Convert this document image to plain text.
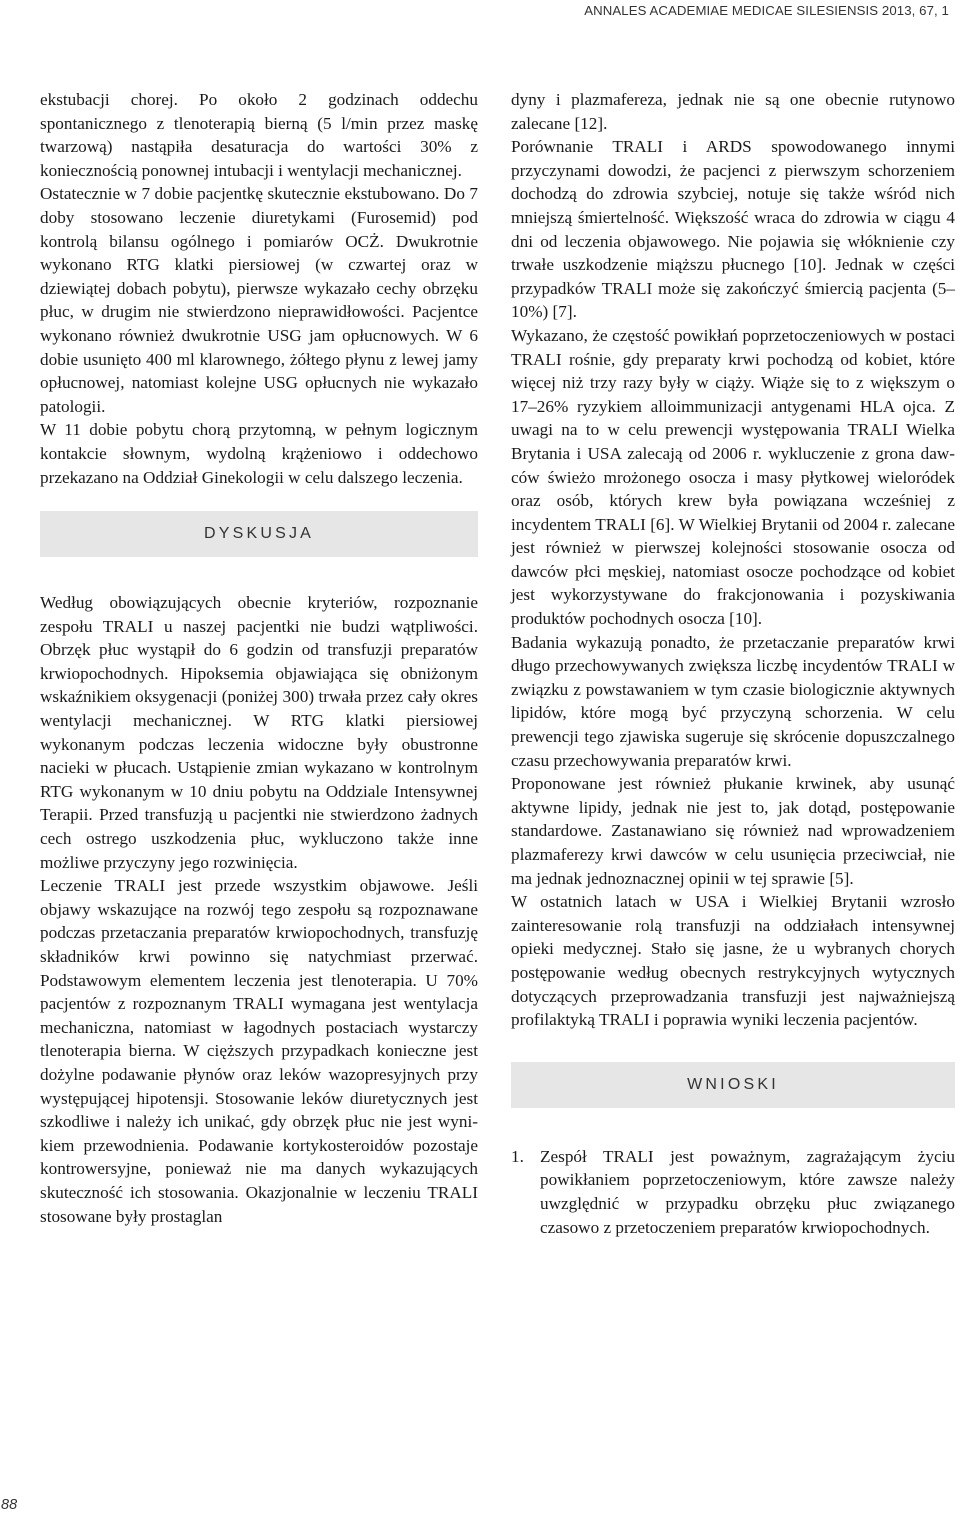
ANNALES ACADEMIAE MEDICAE SILESIENSIS 2013, 67, 1

ekstubacji chorej. Po około 2 godzinach oddechu spontanicznego z tlenoterapią bierną (5 l/min przez maskę twarzową) nastąpiła desaturacja do wartości 30% z koniecznością ponownej intubacji i wentylacji mechanicznej.

Ostatecznie w 7 dobie pacjentkę skutecznie ekstubowano. Do 7 doby stosowano leczenie diuretykami (Furosemid) pod kontrolą bilansu ogólnego i pomiarów OCŻ. Dwukrotnie wykonano RTG klatki piersiowej (w czwartej oraz w dziewiątej dobach pobytu), pierwsze wykazało cechy obrzęku płuc, w drugim nie stwierdzono nieprawidłowości. Pacjentce wykonano również dwukrotnie USG jam opłucnowych. W 6 dobie usunięto 400 ml klarownego, żółtego płynu z lewej jamy opłucnowej, natomiast kolejne USG opłucnych nie wykazało patologii.

W 11 dobie pobytu chorą przytomną, w pełnym logicznym kontakcie słownym, wydolną krążeniowo i oddechowo przekazano na Oddział Ginekologii w celu dalszego leczenia.

DYSKUSJA

Według obowiązujących obecnie kryteriów, rozpoznanie zespołu TRALI u naszej pacjentki nie budzi wątpliwości. Obrzęk płuc wystąpił do 6 godzin od transfuzji preparatów krwiopochodnych. Hipoksemia objawiająca się obniżonym wskaźnikiem oksygenacji (poniżej 300) trwała przez cały okres wentylacji mechanicznej. W RTG klatki piersiowej wykonanym podczas leczenia widoczne były obustronne nacieki w płucach. Ustąpienie zmian wykazano w kontrolnym RTG wykonanym w 10 dniu pobytu na Oddziale Intensywnej Terapii. Przed transfuzją u pacjentki nie stwierdzono żadnych cech ostrego uszkodzenia płuc, wykluczono także inne możliwe przyczyny jego rozwinięcia.

Leczenie TRALI jest przede wszystkim objawowe. Jeśli objawy wskazujące na rozwój tego zespołu są rozpoznawane podczas przetaczania preparatów krwiopochodnych, transfuzję składników krwi powinno się natychmiast przerwać. Podstawowym elementem leczenia jest tlenoterapia. U 70% pacjentów z rozpoznanym TRALI wymagana jest wentylacja mechaniczna, natomiast w łagodnych postaciach wystarczy tlenoterapia bierna. W cięższych przypadkach konieczne jest dożylne podawanie płynów oraz leków wazopresyjnych przy występującej hipotensji. Stosowanie leków diuretycznych jest szkodliwe i należy ich unikać, gdy obrzęk płuc nie jest wynikiem przewodnienia. Podawanie kortykosteroidów pozostaje kontrowersyjne, ponieważ nie ma danych wykazujących skuteczność ich stosowania. Okazjonalnie w leczeniu TRALI stosowane były prostaglan

dyny i plazmafereza, jednak nie są one obecnie rutynowo zalecane [12].

Porównanie TRALI i ARDS spowodowanego innymi przyczynami dowodzi, że pacjenci z pierwszym schorzeniem dochodzą do zdrowia szybciej, notuje się także wśród nich mniejszą śmiertelność. Większość wraca do zdrowia w ciągu 4 dni od leczenia objawowego. Nie pojawia się włóknienie czy trwałe uszkodzenie miąższu płucnego [10]. Jednak w części przypadków TRALI może się zakończyć śmiercią pacjenta (5–10%) [7].

Wykazano, że częstość powikłań poprzetoczeniowych w postaci TRALI rośnie, gdy preparaty krwi pochodzą od kobiet, które więcej niż trzy razy były w ciąży. Wiąże się to z większym o 17–26% ryzykiem alloimmunizacji antygenami HLA ojca. Z uwagi na to w celu prewencji występowania TRALI Wielka Brytania i USA zalecają od 2006 r. wykluczenie z grona dawców świeżo mrożonego osocza i masy płytkowej wieloródek oraz osób, których krew była powiązana wcześniej z incydentem TRALI [6]. W Wielkiej Brytanii od 2004 r. zalecane jest również w pierwszej kolejności stosowanie osocza od dawców płci męskiej, natomiast osocze pochodzące od kobiet jest wykorzystywane do frakcjonowania i pozyskiwania produktów pochodnych osocza [10].

Badania wykazują ponadto, że przetaczanie preparatów krwi długo przechowywanych zwiększa liczbę incydentów TRALI w związku z powstawaniem w tym czasie biologicznie aktywnych lipidów, które mogą być przyczyną schorzenia. W celu prewencji tego zjawiska sugeruje się skrócenie dopuszczalnego czasu przechowywania preparatów krwi.

Proponowane jest również płukanie krwinek, aby usunąć aktywne lipidy, jednak nie jest to, jak dotąd, postępowanie standardowe. Zastanawiano się również nad wprowadzeniem plazmaferezy krwi dawców w celu usunięcia przeciwciał, nie ma jednak jednoznacznej opinii w tej sprawie [5].

W ostatnich latach w USA i Wielkiej Brytanii wzrosło zainteresowanie rolą transfuzji na oddziałach intensywnej opieki medycznej. Stało się jasne, że u wybranych chorych postępowanie według obecnych restrykcyjnych wytycznych dotyczących przeprowadzania transfuzji jest najważniejszą profilaktyką TRALI i poprawia wyniki leczenia pacjentów.

WNIOSKI
1. Zespół TRALI jest poważnym, zagrażającym życiu powikłaniem poprzetoczeniowym, które zawsze należy uwzględnić w przypadku obrzęku płuc związanego czasowo z przetoczeniem preparatów krwiopochodnych.
88
